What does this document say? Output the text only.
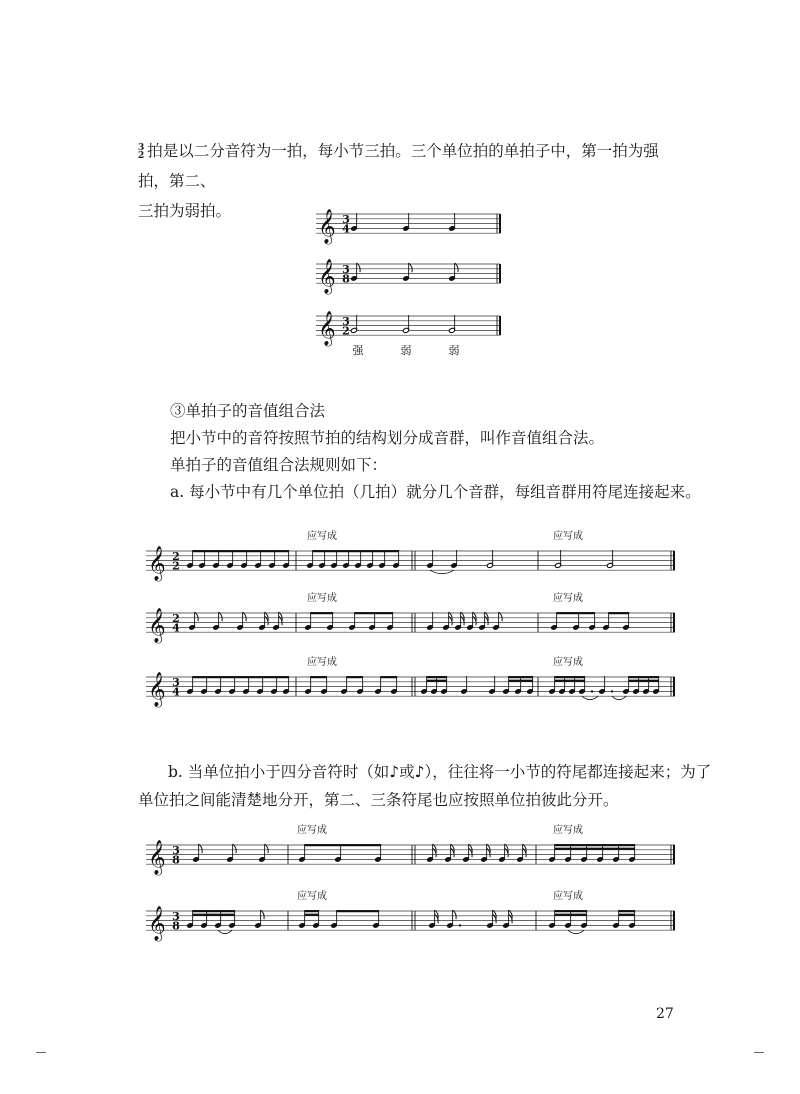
3
2 拍是以二分音符为一拍，每小节三拍。三个单位拍的单拍子中，第一拍为强拍，第二、
三拍为弱拍。	𝄞 3
4
𝄞 3
8
𝄞 3
2
强	弱	弱

③单拍子的音值组合法

把小节中的音符按照节拍的结构划分成音群，叫作音值组合法。

单拍子的音值组合法规则如下：

a. 每小节中有几个单位拍（几拍）就分几个音群，每组音群用符尾连接起来。

𝄞 2
2
应写成	应写成
𝄞 2
4
应写成	应写成
𝄞 3
4
应写成	应写成

b. 当单位拍小于四分音符时（如♪或♪），往往将一小节的符尾都连接起来；为了

单位拍之间能清楚地分开，第二、三条符尾也应按照单位拍彼此分开。

𝄞 3
8
应写成	应写成
𝄞 3
8
应写成	应写成
27
